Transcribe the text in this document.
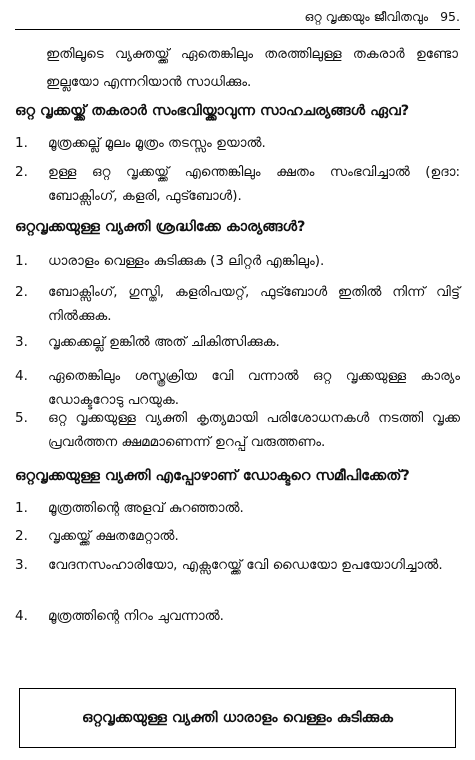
ഒറ്റ വൃക്കയും ജീവിതവും 95.
ഇതിലൂടെ വ്യക്തയ്ക്ക് ഏതെങ്കിലും തരത്തിലുള്ള തകരാർ ഉണ്ടോ ഇല്ലയോ എന്നറിയാൻ സാധിക്കും.
ഒറ്റ വൃക്കയ്ക്ക് തകരാർ സംഭവിയ്ക്കാവുന്ന സാഹചര്യങ്ങൾ ഏവ?
1.	മൂത്രക്കല്ല് മൂലം മൂത്രം തടസ്സം ഉയാൽ.
2.	ഉള്ള ഒറ്റ വൃക്കയ്ക്ക് എന്തെങ്കിലും ക്ഷതം സംഭവിച്ചാൽ (ഉദാ: ബോക്സിംഗ്, കളരി, ഫുട്ബോൾ).
ഒറ്റവൃക്കയുള്ള വ്യക്തി ശ്രദ്ധിക്കേ കാര്യങ്ങൾ?
1.	ധാരാളം വെള്ളം കുടിക്കുക (3 ലിറ്റർ എങ്കിലും).
2.	ബോക്സിംഗ്, ഗുസ്തി, കളരിപയറ്റ്, ഫുട്ബോൾ ഇതിൽ നിന്ന് വിട്ട് നിൽക്കുക.
3.	വൃക്കക്കല്ല് ഉങ്കിൽ അത് ചികിത്സിക്കുക.
4.	ഏതെങ്കിലും ശസ്ത്രക്രിയ വേി വന്നാൽ ഒറ്റ വൃക്കയുള്ള കാര്യം ഡോക്ടറോടു പറയുക.
5.	ഒറ്റ വൃക്കയുള്ള വ്യക്തി കൃത്യമായി പരിശോധനകൾ നടത്തി വൃക്ക പ്രവർത്തന ക്ഷമമാണെന്ന് ഉറപ്പ് വരുത്തണം.
ഒറ്റവൃക്കയുള്ള വ്യക്തി എപ്പോഴാണ് ഡോക്ടറെ സമീപിക്കേത്?
1.	മൂത്രത്തിന്റെ അളവ് കുറഞ്ഞാൽ.
2.	വൃക്കയ്ക്ക് ക്ഷതമേറ്റാൽ.
3.	വേദനസംഹാരിയോ, എക്സറേയ്ക്ക് വേി ഡൈയോ ഉപയോഗിച്ചാൽ.
4.	മൂത്രത്തിന്റെ നിറം ചുവന്നാൽ.
ഒറ്റവൃക്കയുള്ള വ്യക്തി ധാരാളം വെള്ളം കുടിക്കുക
